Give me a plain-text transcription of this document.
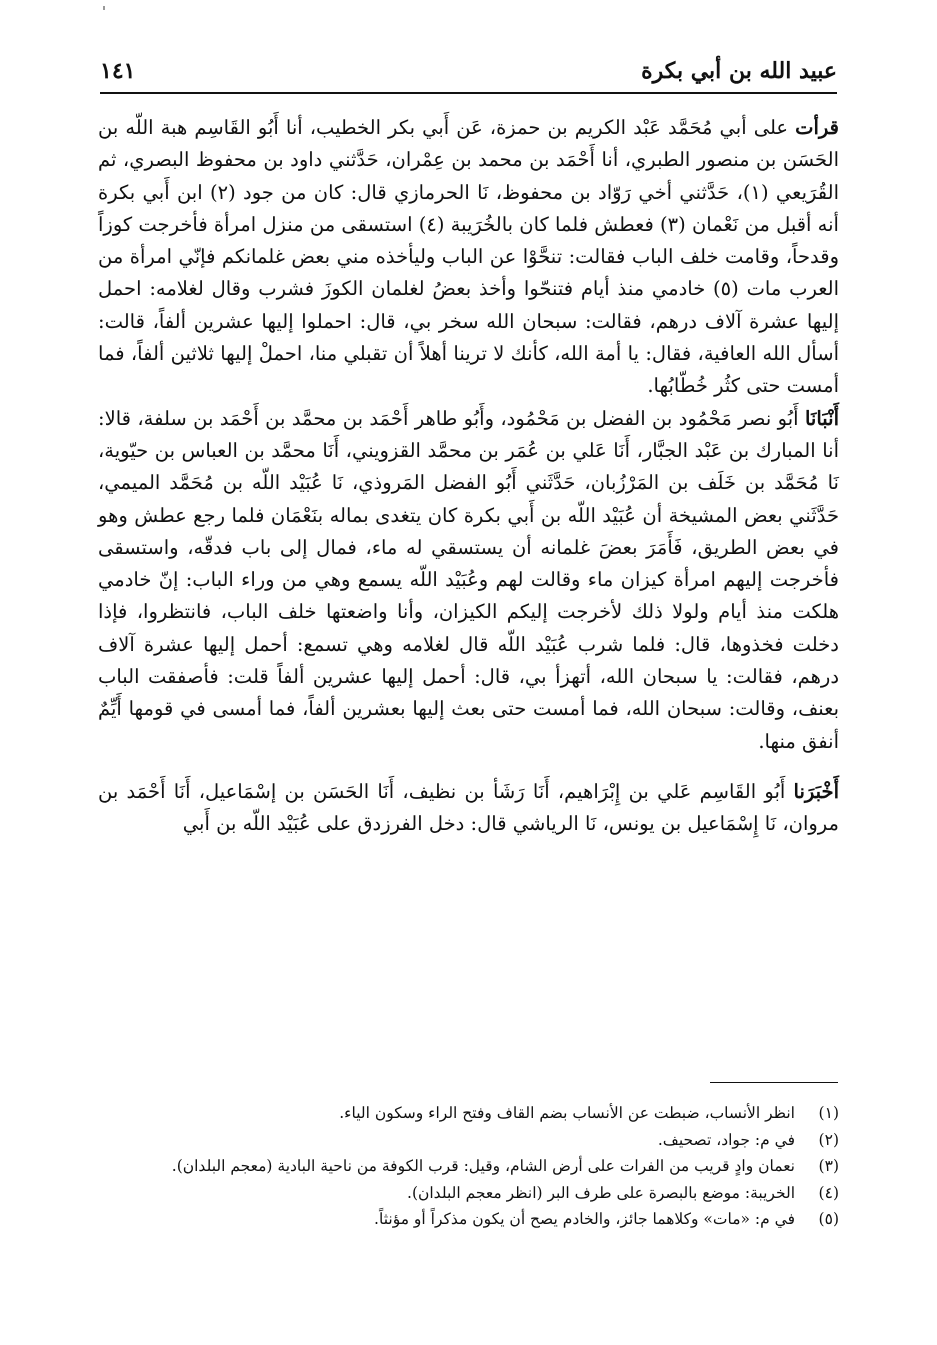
عبيد الله بن أبي بكرة
١٤١

قرأت على أبي مُحَمَّد عَبْد الكريم بن حمزة، عَن أَبي بكر الخطيب، أنا أَبُو القَاسِم هبة اللّه بن الحَسَن بن منصور الطبري، أنا أَحْمَد بن محمد بن عِمْران، حَدَّثني داود بن محفوظ البصري، ثم القُرَيعي (١)، حَدَّثني أخي رَوّاد بن محفوظ، نَا الحرمازي قال: كان من جود (٢) ابن أَبي بكرة أنه أقبل من نَعْمان (٣) فعطش فلما كان بالخُرَيبة (٤) استسقى من منزل امرأة فأخرجت كوزاً وقدحاً، وقامت خلف الباب فقالت: تنحَّوْا عن الباب وليأخذه مني بعض غلمانكم فإنّي امرأة من العرب مات (٥) خادمي منذ أيام فتنحّوا وأخذ بعضُ لغلمان الكوزَ فشرب وقال لغلامه: احمل إليها عشرة آلاف درهم، فقالت: سبحان الله سخر بي، قال: احملوا إليها عشرين ألفاً، قالت: أسأل الله العافية، فقال: يا أمة الله، كأنك لا ترينا أهلاً أن تقبلي منا، احملْ إليها ثلاثين ألفاً، فما أمست حتى كثُر خُطّابُها.

أَنْبَانَا أَبُو نصر مَحْمُود بن الفضل بن مَحْمُود، وأَبُو طاهر أَحْمَد بن محمَّد بن أَحْمَد بن سلفة، قالا: أنا المبارك بن عَبْد الجبَّار، أَنَا عَلي بن عُمَر بن محمَّد القزويني، أَنَا محمَّد بن العباس بن حيّوية، نَا مُحَمَّد بن خَلَف بن المَرْزُبان، حَدَّثَني أَبُو الفضل المَروذي، نَا عُبَيْد اللّه بن مُحَمَّد الميمي، حَدَّثَني بعض المشيخة أن عُبَيْد اللّه بن أَبي بكرة كان يتغدى بماله بنَعْمَان فلما رجع عطش وهو في بعض الطريق، فَأَمَرَ بعضَ غلمانه أن يستسقي له ماء، فمال إلى باب فدقّه، واستسقى فأخرجت إليهم امرأة كيزان ماء وقالت لهم وعُبَيْد اللّه يسمع وهي من وراء الباب: إنّ خادمي هلكت منذ أيام ولولا ذلك لأخرجت إليكم الكيزان، وأنا واضعتها خلف الباب، فانتظروا، فإذا دخلت فخذوها، قال: فلما شرب عُبَيْد اللّه قال لغلامه وهي تسمع: أحمل إليها عشرة آلاف درهم، فقالت: يا سبحان الله، أتهزأ بي، قال: أحمل إليها عشرين ألفاً قلت: فأصفقت الباب بعنف، وقالت: سبحان الله، فما أمست حتى بعث إليها بعشرين ألفاً، فما أمسى في قومها أَيِّمٌ أنفق منها.

أَخْبَرَنا أَبُو القَاسِم عَلي بن إِبْرَاهيم، أَنَا رَشَأ بن نظيف، أَنَا الحَسَن بن إسْمَاعيل، أَنَا أَحْمَد بن مروان، نَا إِسْمَاعيل بن يونس، نَا الرياشي قال: دخل الفرزدق على عُبَيْد اللّه بن أَبي

(١)
انظر الأنساب، ضبطت عن الأنساب بضم القاف وفتح الراء وسكون الياء.
(٢)
في م: جواد، تصحيف.
(٣)
نعمان وادٍ قريب من الفرات على أرض الشام، وقيل: قرب الكوفة من ناحية البادية (معجم البلدان).
(٤)
الخريبة: موضع بالبصرة على طرف البر (انظر معجم البلدان).
(٥)
في م: «مات» وكلاهما جائز، والخادم يصح أن يكون مذكراً أو مؤنثاً.
